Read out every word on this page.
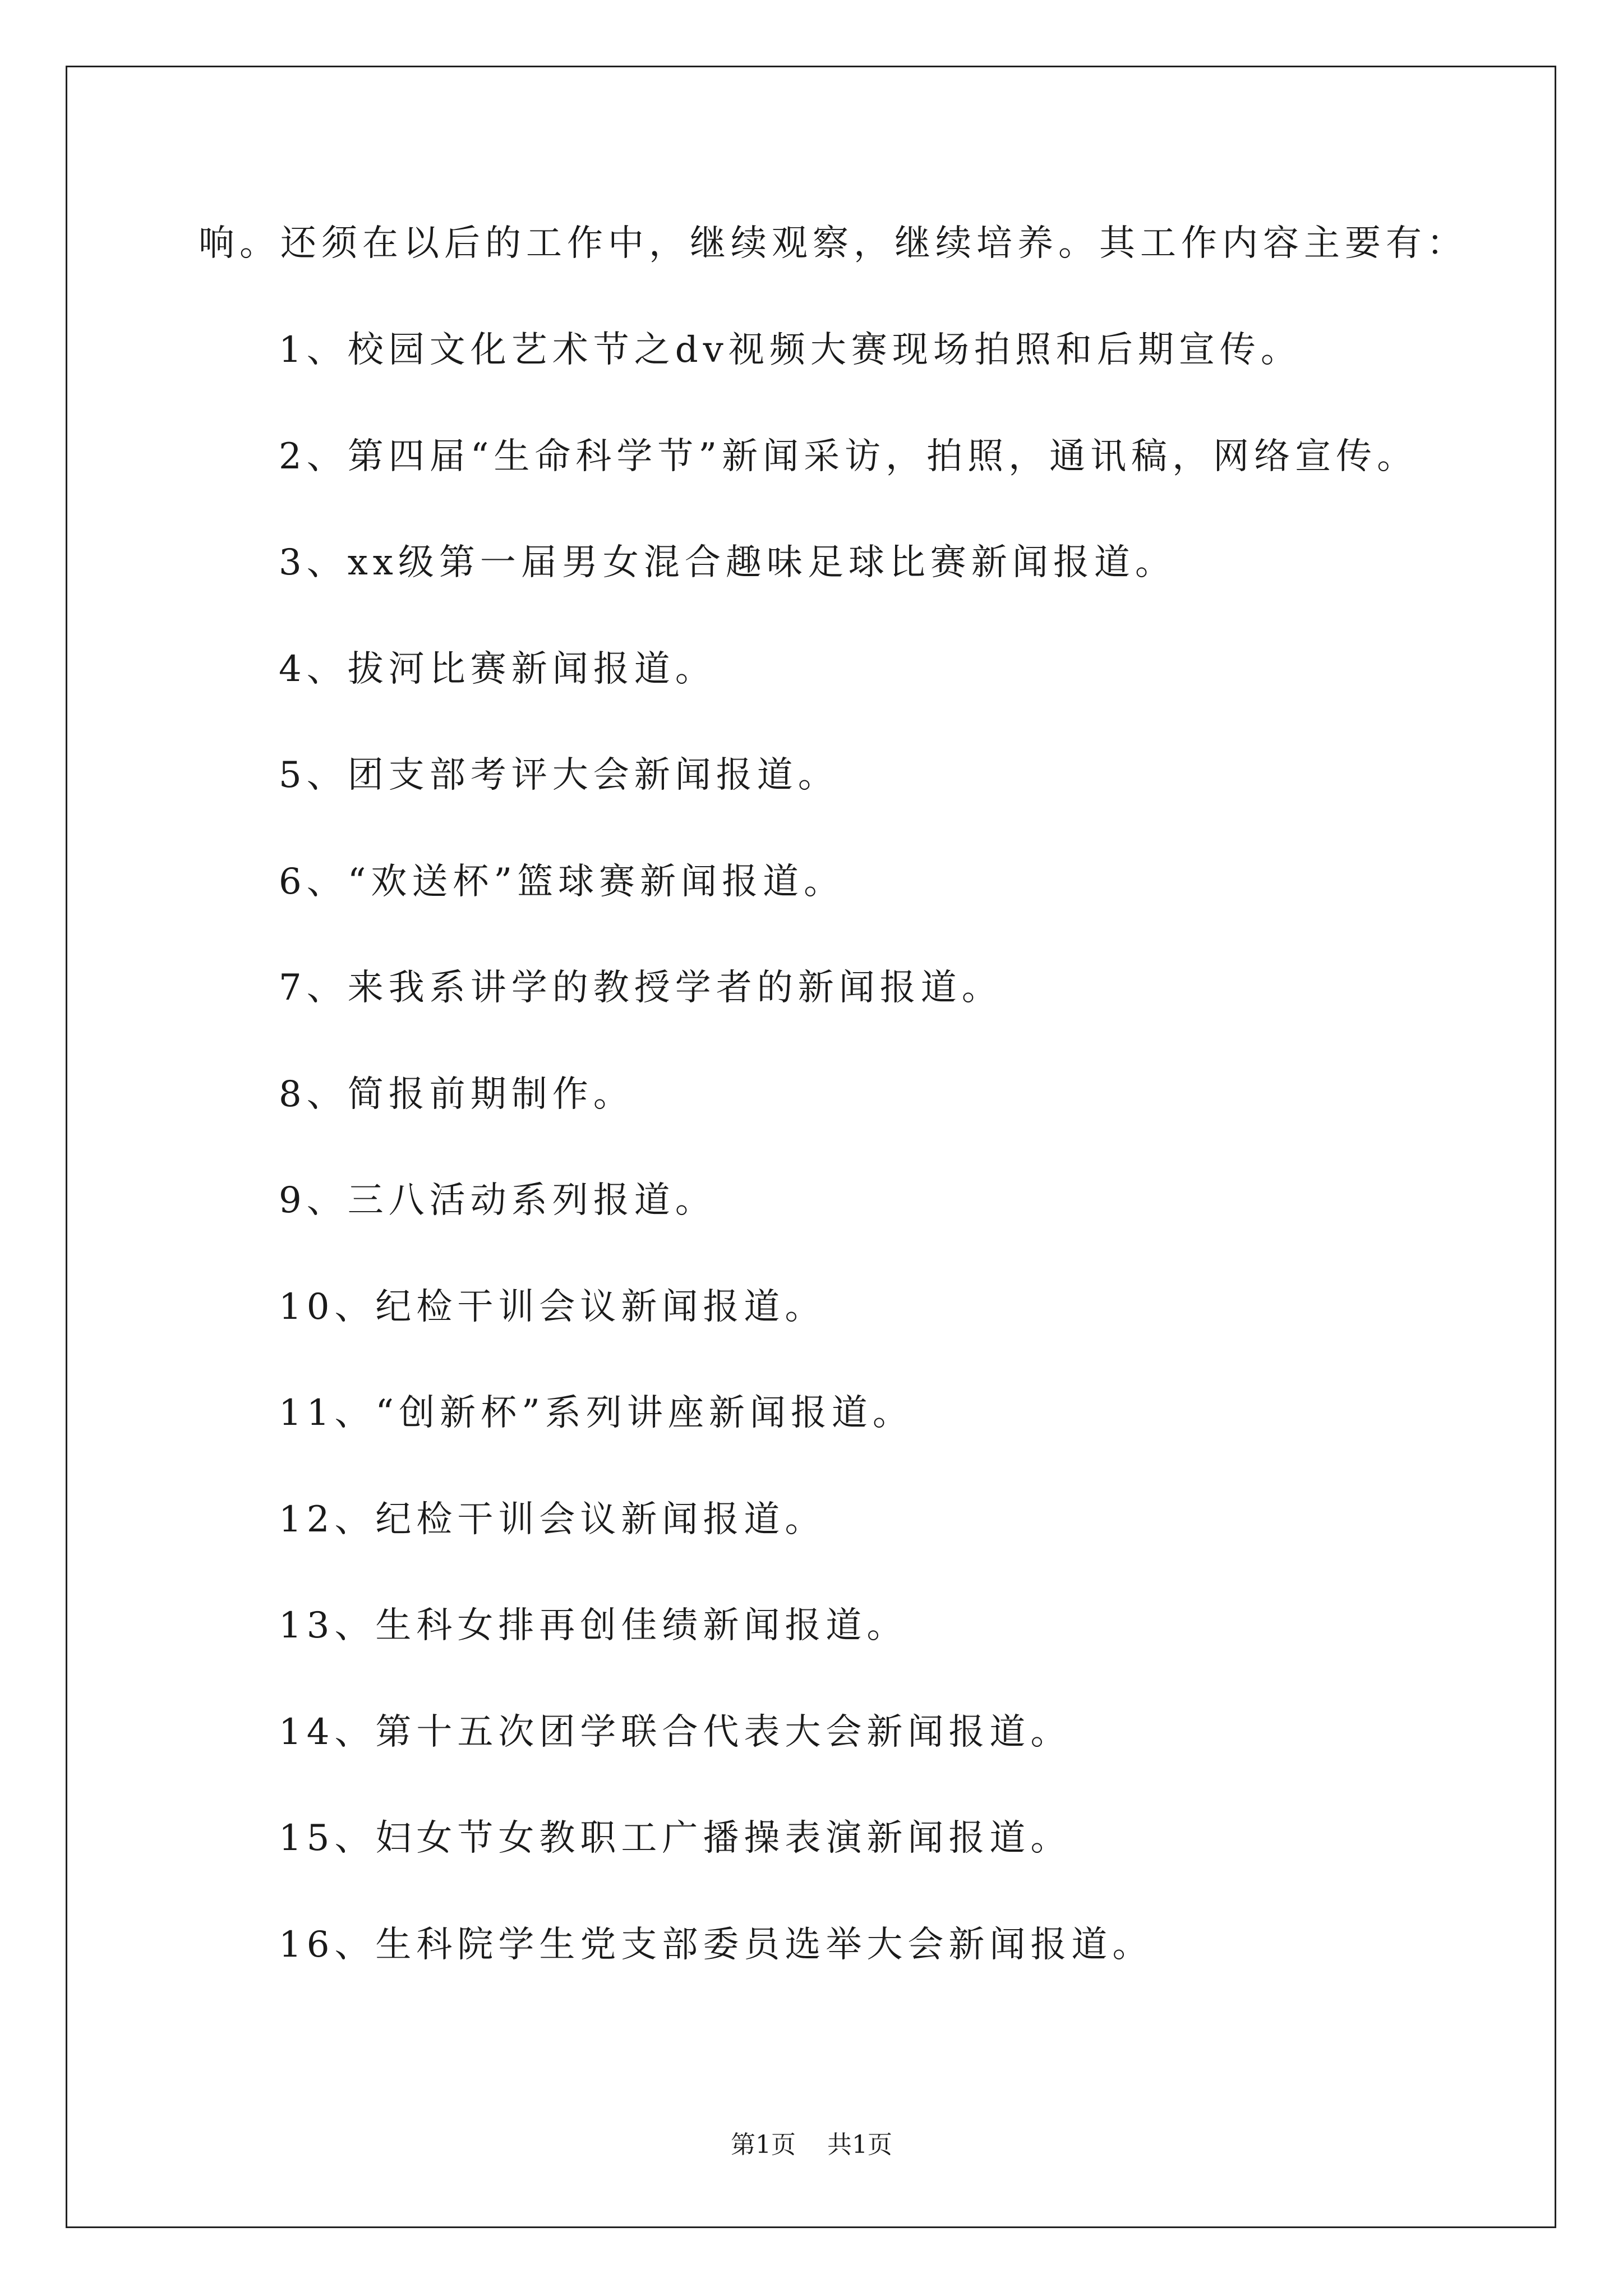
响。还须在以后的工作中，继续观察，继续培养。其工作内容主要有：
1、校园文化艺术节之dv视频大赛现场拍照和后期宣传。
2、第四届“生命科学节”新闻采访，拍照，通讯稿，网络宣传。
3、xx级第一届男女混合趣味足球比赛新闻报道。
4、拔河比赛新闻报道。
5、团支部考评大会新闻报道。
6、“欢送杯”篮球赛新闻报道。
7、来我系讲学的教授学者的新闻报道。
8、简报前期制作。
9、三八活动系列报道。
10、纪检干训会议新闻报道。
11、“创新杯”系列讲座新闻报道。
12、纪检干训会议新闻报道。
13、生科女排再创佳绩新闻报道。
14、第十五次团学联合代表大会新闻报道。
15、妇女节女教职工广播操表演新闻报道。
16、生科院学生党支部委员选举大会新闻报道。
第1页 共1页
